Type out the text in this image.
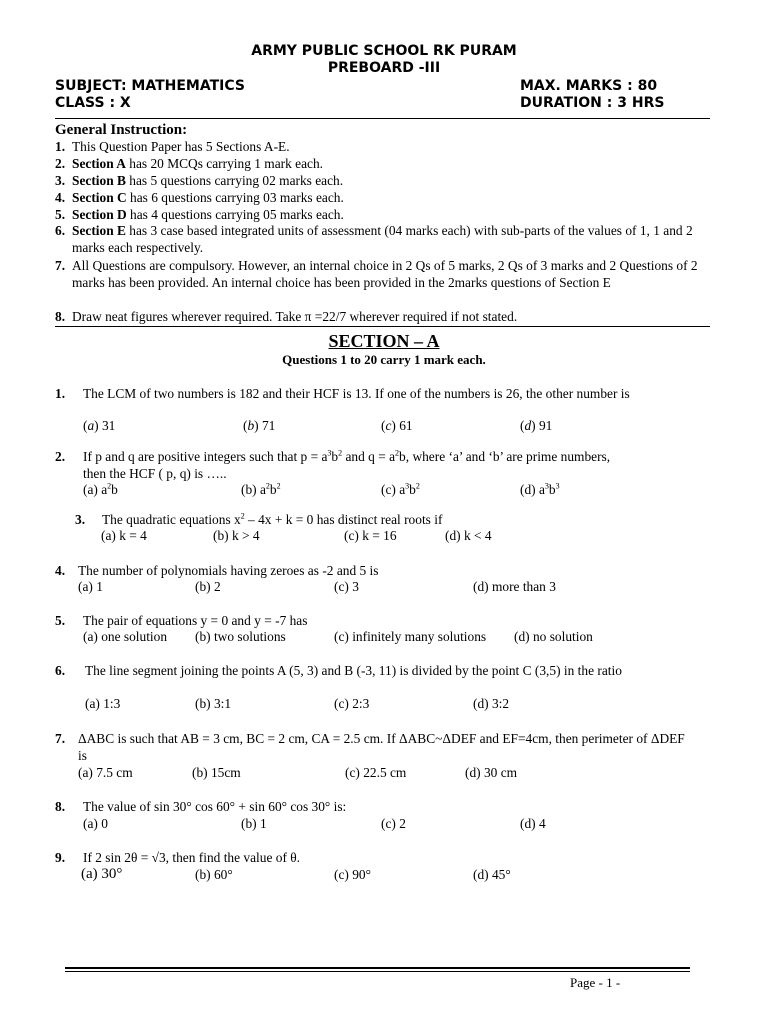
ARMY PUBLIC SCHOOL RK PURAM
PREBOARD -III
SUBJECT: MATHEMATICS	MAX. MARKS : 80
CLASS : X	DURATION : 3 HRS
General Instruction:
1. This Question Paper has 5 Sections A-E.
2. Section A has 20 MCQs carrying 1 mark each.
3. Section B has 5 questions carrying 02 marks each.
4. Section C has 6 questions carrying 03 marks each.
5. Section D has 4 questions carrying 05 marks each.
6. Section E has 3 case based integrated units of assessment (04 marks each) with sub-parts of the values of 1, 1 and 2 marks each respectively.
7. All Questions are compulsory. However, an internal choice in 2 Qs of 5 marks, 2 Qs of 3 marks and 2 Questions of 2 marks has been provided. An internal choice has been provided in the 2marks questions of Section E
8. Draw neat figures wherever required. Take π =22/7 wherever required if not stated.
SECTION – A
Questions 1 to 20 carry 1 mark each.
1. The LCM of two numbers is 182 and their HCF is 13. If one of the numbers is 26, the other number is
(a) 31	(b) 71	(c) 61	(d) 91
2. If p and q are positive integers such that $p = a^3b^2$ and $q = a^2b$, where ‘a’ and ‘b’ are prime numbers,
then the HCF ( p, q) is …..
(a) $a^2b$	(b) $a^2b^2$	(c) $a^3b^2$	(d) $a^3b^3$
3. The quadratic equations $x^2 - 4x + k = 0$ has distinct real roots if
(a) k = 4	(b) k > 4	(c) k = 16	(d) k < 4
4. The number of polynomials having zeroes as -2 and 5 is
(a) 1	(b) 2	(c) 3	(d) more than 3
5. The pair of equations y = 0 and y = -7 has
(a) one solution (b) two solutions	(c) infinitely many solutions (d) no solution
6. The line segment joining the points A (5, 3) and B (-3, 11) is divided by the point C (3,5) in the ratio
(a) 1:3	(b) 3:1	(c) 2:3	(d) 3:2
7. ΔABC is such that AB = 3 cm, BC = 2 cm, CA = 2.5 cm. If ΔABC~ΔDEF and EF=4cm, then perimeter of ΔDEF is
(a) 7.5 cm	(b) 15cm	(c) 22.5 cm	(d) 30 cm
8. The value of sin 30° cos 60° + sin 60° cos 30° is:
(a) 0	(b) 1	(c) 2	(d) 4
9. If 2 sin 2θ = √3, then find the value of θ.
(a) 30°	(b) 60°	(c) 90°	(d) 45°
Page - 1 -
